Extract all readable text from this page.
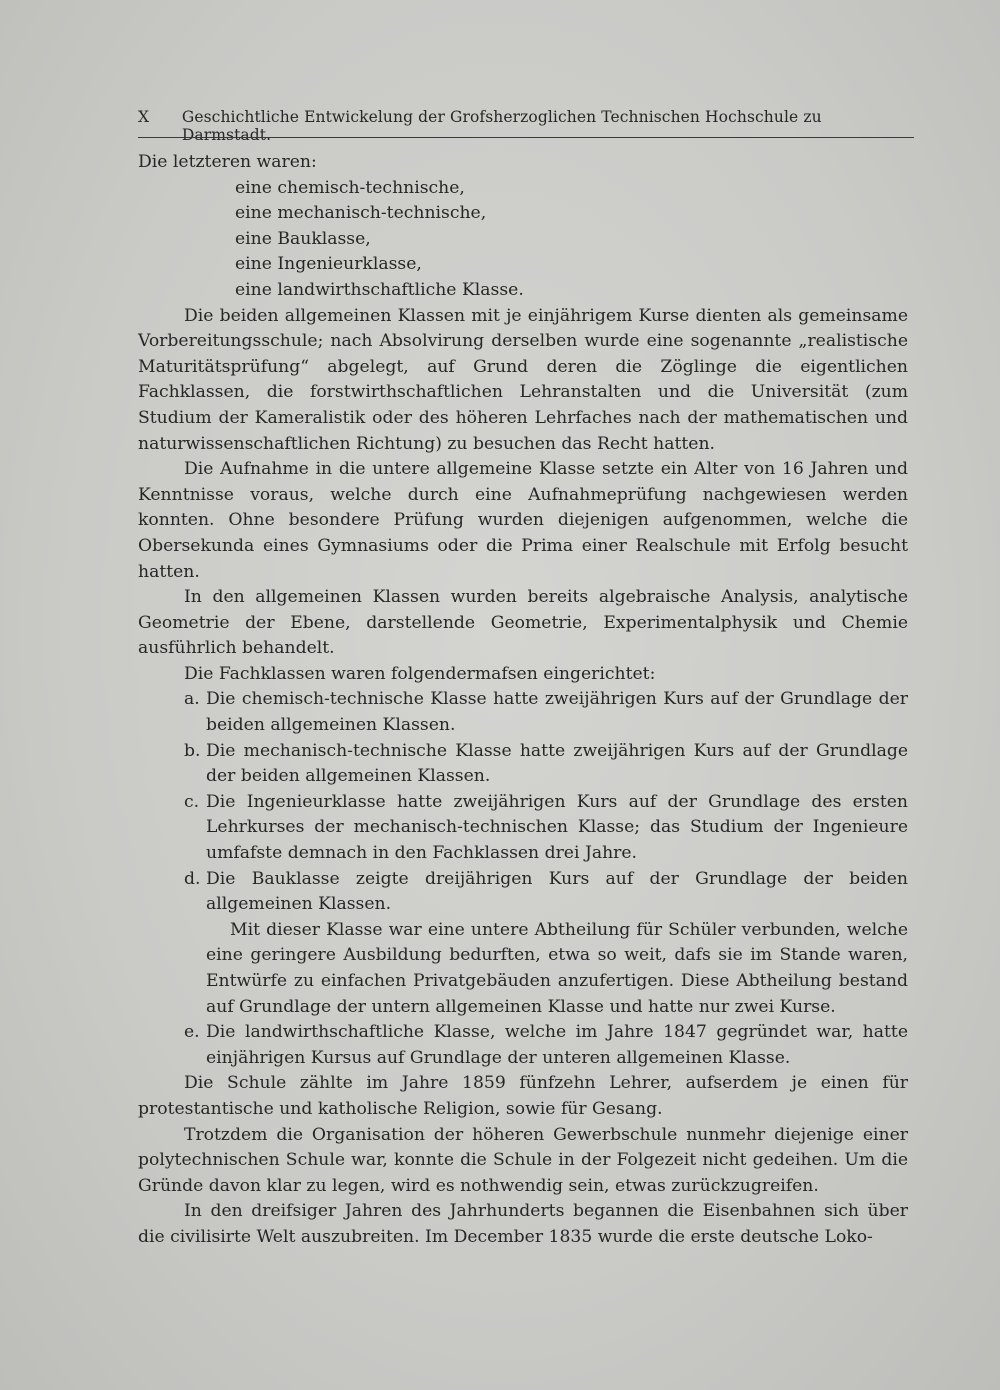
X	Geschichtliche Entwickelung der Grofsherzoglichen Technischen Hochschule zu Darmstadt.

Die letzteren waren:

eine chemisch-technische,

eine mechanisch-technische,

eine Bauklasse,

eine Ingenieurklasse,

eine landwirthschaftliche Klasse.

Die beiden allgemeinen Klassen mit je einjährigem Kurse dienten als gemeinsame Vorbereitungsschule; nach Absolvirung derselben wurde eine sogenannte „realistische Maturitätsprüfung“ abgelegt, auf Grund deren die Zöglinge die eigentlichen Fachklassen, die forstwirthschaftlichen Lehranstalten und die Universität (zum Studium der Kameralistik oder des höheren Lehrfaches nach der mathematischen und naturwissenschaftlichen Richtung) zu besuchen das Recht hatten.

Die Aufnahme in die untere allgemeine Klasse setzte ein Alter von 16 Jahren und Kenntnisse voraus, welche durch eine Aufnahmeprüfung nachgewiesen werden konnten. Ohne besondere Prüfung wurden diejenigen aufgenommen, welche die Obersekunda eines Gymnasiums oder die Prima einer Realschule mit Erfolg besucht hatten.

In den allgemeinen Klassen wurden bereits algebraische Analysis, analytische Geometrie der Ebene, darstellende Geometrie, Experimentalphysik und Chemie ausführlich behandelt.

Die Fachklassen waren folgendermafsen eingerichtet:

a. Die chemisch-technische Klasse hatte zweijährigen Kurs auf der Grundlage der beiden allgemeinen Klassen.
b. Die mechanisch-technische Klasse hatte zweijährigen Kurs auf der Grundlage der beiden allgemeinen Klassen.
c. Die Ingenieurklasse hatte zweijährigen Kurs auf der Grundlage des ersten Lehrkurses der mechanisch-technischen Klasse; das Studium der Ingenieure umfafste demnach in den Fachklassen drei Jahre.
d. Die Bauklasse zeigte dreijährigen Kurs auf der Grundlage der beiden allgemeinen Klassen.

Mit dieser Klasse war eine untere Abtheilung für Schüler verbunden, welche eine geringere Ausbildung bedurften, etwa so weit, dafs sie im Stande waren, Entwürfe zu einfachen Privatgebäuden anzufertigen. Diese Abtheilung bestand auf Grundlage der untern allgemeinen Klasse und hatte nur zwei Kurse.

e. Die landwirthschaftliche Klasse, welche im Jahre 1847 gegründet war, hatte einjährigen Kursus auf Grundlage der unteren allgemeinen Klasse.

Die Schule zählte im Jahre 1859 fünfzehn Lehrer, aufserdem je einen für protestantische und katholische Religion, sowie für Gesang.

Trotzdem die Organisation der höheren Gewerbschule nunmehr diejenige einer polytechnischen Schule war, konnte die Schule in der Folgezeit nicht gedeihen. Um die Gründe davon klar zu legen, wird es nothwendig sein, etwas zurückzugreifen.

In den dreifsiger Jahren des Jahrhunderts begannen die Eisenbahnen sich über die civilisirte Welt auszubreiten. Im December 1835 wurde die erste deutsche Loko-
